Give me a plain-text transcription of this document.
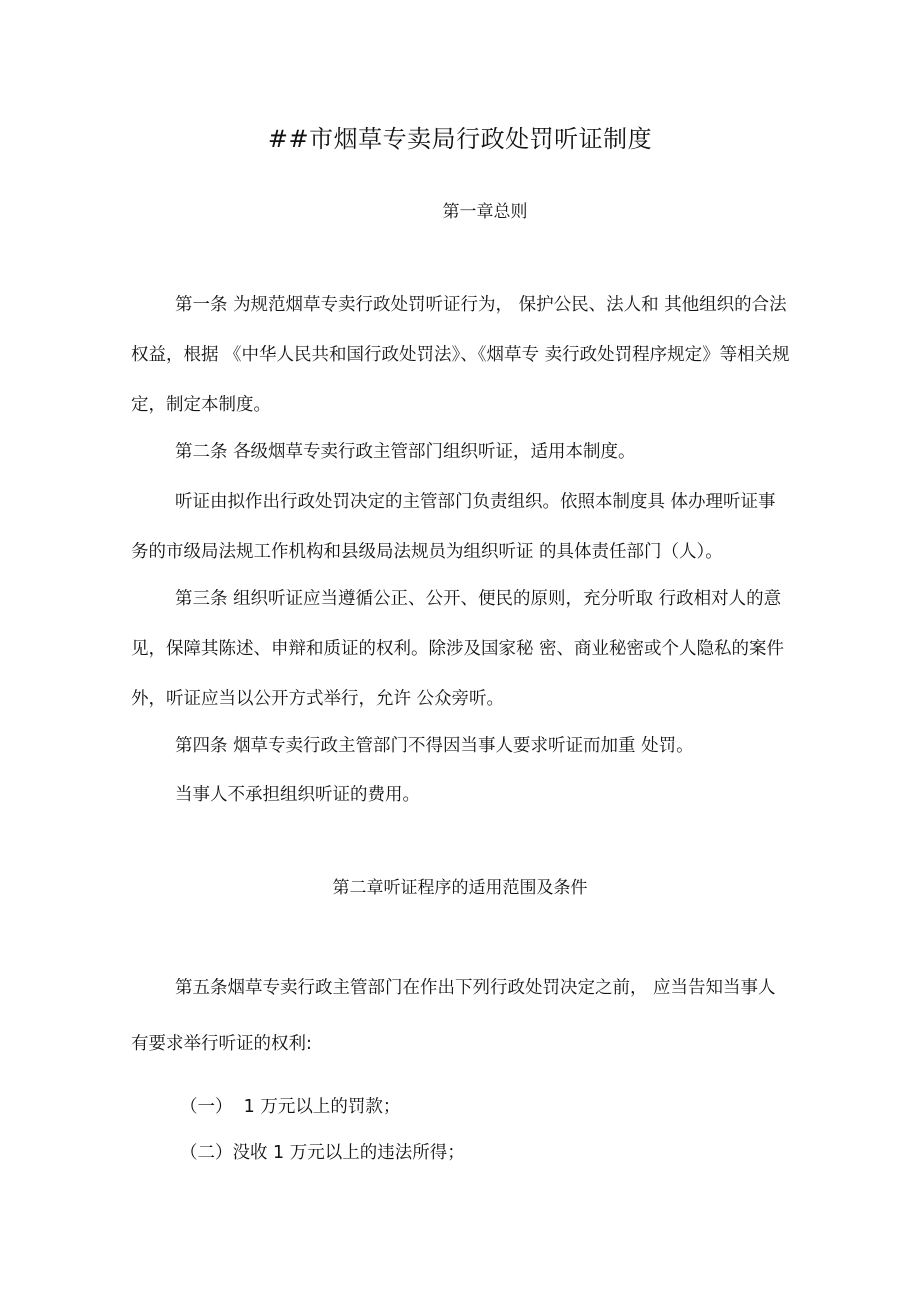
##市烟草专卖局行政处罚听证制度
第一章总则

第一条 为规范烟草专卖行政处罚听证行为， 保护公民、法人和 其他组织的合法权益，根据 《中华人民共和国行政处罚法》、《烟草专 卖行政处罚程序规定》等相关规定，制定本制度。

第二条 各级烟草专卖行政主管部门组织听证，适用本制度。

听证由拟作出行政处罚决定的主管部门负责组织。依照本制度具 体办理听证事务的市级局法规工作机构和县级局法规员为组织听证 的具体责任部门（人）。

第三条 组织听证应当遵循公正、公开、便民的原则，充分听取 行政相对人的意见，保障其陈述、申辩和质证的权利。除涉及国家秘 密、商业秘密或个人隐私的案件外，听证应当以公开方式举行，允许 公众旁听。

第四条 烟草专卖行政主管部门不得因当事人要求听证而加重 处罚。

当事人不承担组织听证的费用。

第二章听证程序的适用范围及条件

第五条烟草专卖行政主管部门在作出下列行政处罚决定之前， 应当告知当事人有要求举行听证的权利:

（一）  1 万元以上的罚款；
（二）没收 1 万元以上的违法所得；
